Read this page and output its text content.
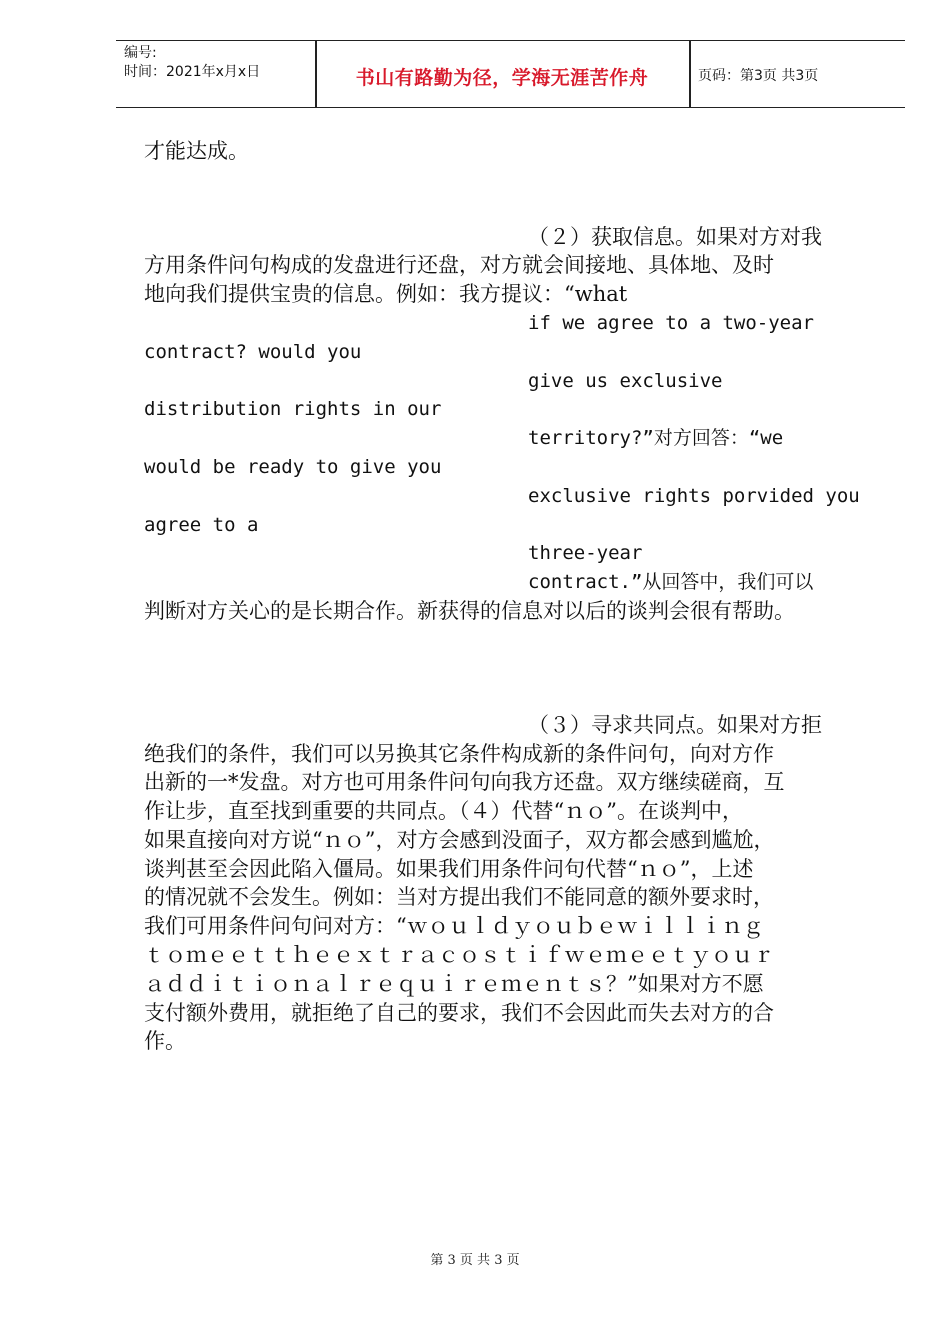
编号:
时间：2021年x月x日	书山有路勤为径，学海无涯苦作舟	页码：第3页 共3页
才能达成。
（２）获取信息。如果对方对我
方用条件问句构成的发盘进行还盘，对方就会间接地、具体地、及时
地向我们提供宝贵的信息。例如：我方提议：“what
if we agree to a two-year
contract? would you
give us exclusive
distribution rights in our
territory?”对方回答：“we
would be ready to give you
exclusive rights porvided you
agree to a
three-year
contract.”从回答中，我们可以
判断对方关心的是长期合作。新获得的信息对以后的谈判会很有帮助。
（３）寻求共同点。如果对方拒
绝我们的条件，我们可以另换其它条件构成新的条件问句，向对方作
出新的一*发盘。对方也可用条件问句向我方还盘。双方继续磋商，互
作让步，直至找到重要的共同点。（４）代替“ｎｏ”。在谈判中，
如果直接向对方说“ｎｏ”，对方会感到没面子，双方都会感到尴尬，
谈判甚至会因此陷入僵局。如果我们用条件问句代替“ｎｏ”，上述
的情况就不会发生。例如：当对方提出我们不能同意的额外要求时，
我们可用条件问句问对方：“ｗｏｕｌｄｙｏｕｂｅｗｉｌｌｉｎｇ
ｔｏｍｅｅｔｔｈｅｅｘｔｒａｃｏｓｔｉｆｗｅｍｅｅｔｙｏｕｒ
ａｄｄｉｔｉｏｎａｌｒｅｑｕｉｒｅｍｅｎｔｓ？”如果对方不愿
支付额外费用，就拒绝了自己的要求，我们不会因此而失去对方的合
作。
第 3 页 共 3 页
